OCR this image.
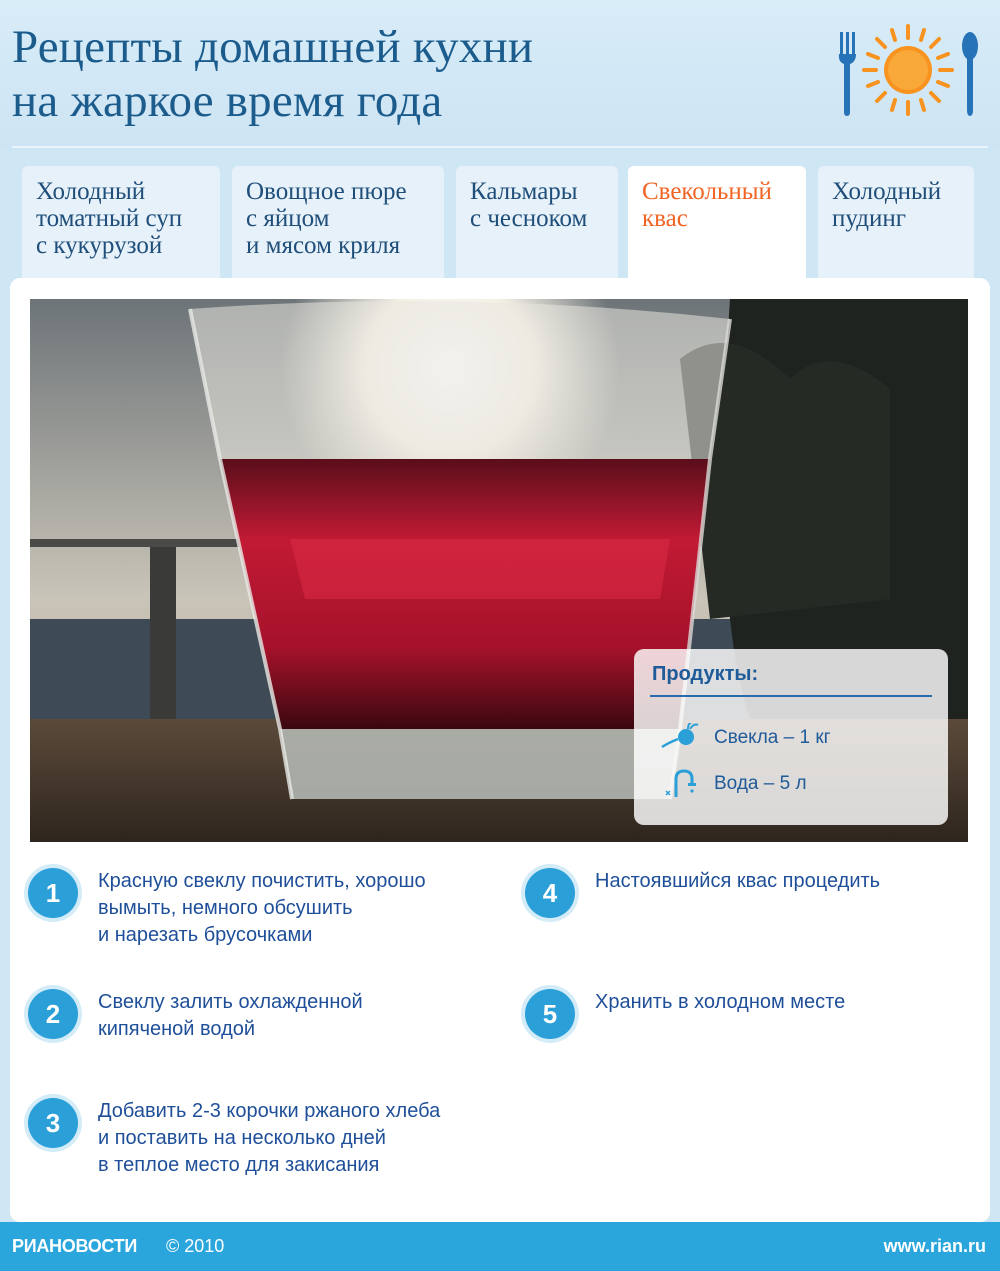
Рецепты домашней кухни
на жаркое время года
Холодный
томатный суп
с кукурузой
Овощное пюре
с яйцом
и мясом криля
Кальмары
с чесноком
Свекольный
квас
Холодный
пудинг
Продукты:
Свекла – 1 кг
Вода – 5 л
1	Красную свеклу почистить, хорошо
вымыть, немного обсушить
и нарезать брусочками
2	Свеклу залить охлажденной
кипяченой водой
3	Добавить 2-3 корочки ржаного хлеба
и поставить на несколько дней
в теплое место для закисания
4	Настоявшийся квас процедить
5	Хранить в холодном месте
РИАНОВОСТИ © 2010	www.rian.ru
